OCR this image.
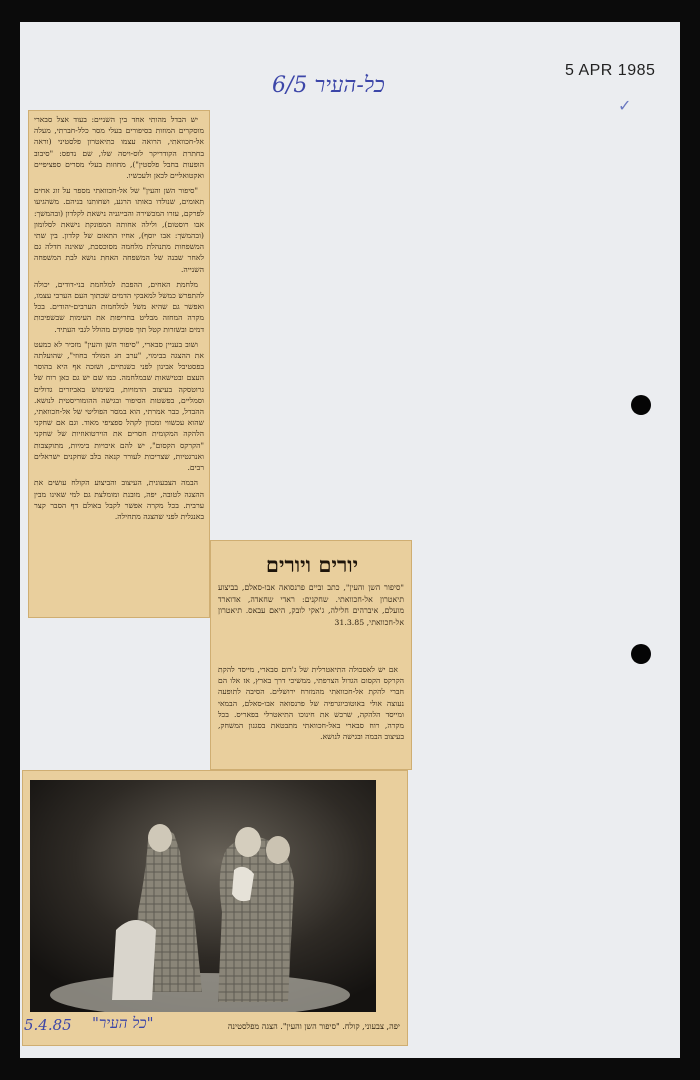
5 APR 1985
כל-העיר 6/5
✓

יש הבדל מהותי אחד בין השניים: בעוד אצל סבארי מוסקרים המוזות בסיפורים בעלי מסר כלל-חברתי, מעלה אל-חכוואתי, הרואה עצמו כתיאטרון פלסטיני (וראה בחתרת הקודריקר לוס-ויסה שלו, שם נדפס: "סיבוב הופעות בחבל פלסטין"), מחוזות בעלי מסרים ספציפיים ואקטואליים לכאן ולעכשיו.

"סיפור השן והעין" של אל-חכוואתי מספר על זוג אחים תאומים, שנולדו באותו הרגע, ושחותנו בניהם. משהגיעו לפרקם, עזרו המכשירה והבייגניה נישאת לקלדון (ובהמשך: אבו רוסטום), ולילה אחותה המפונקת נישאת לסלומון (ובהמשך: אבו יוסף), אחיו התאום של קלדון. בין שתי המשפחות מתנהלת מלחמה מסוכסכת, שאינה חדלה גם לאחר שבנה של המשפחה האחת נושא לבת המשפחה השנייה.

מלחמת האחים, ההפכת למלחמת בני-דודים, יכולה להתפרש כמשל למאבקי הדמים שבתוך העם הערבי עצמו, ואפשר גם שהיא משל למלחמות הערבים-יהודים. בכל מקרה המחזה מבליט בחריפות את העימות שבשפיכות דמים ובשזרות קטל תוך פסוקים מהולל לגבי העתיד.

ושוב בעניין סבארי, "סיפור השן והעין" מזכיר לא כמעט את ההצגה בבימוי, "ערב חג המולד בחוזי", שהועלתה בפסטיבל אבינון לפני כשנתיים, ושזכה אף היא בהוסר העצם ובטישאות שבמלחמה. כמו שם יש גם כאן רוח של גרוטסקה בעיצוב הדמויות, בשימוש באביזרים גדולים וסמליים, בפשטות הסיפור ובגישה ההומוריסטית לנושא. ההבדל, כבר אמרתי, הוא במסר הפוליטי של אל-חכוואתי, שהוא עכשווי ומכוון לקהל ספציפי מאוד. וגם אם שחקני הלהקה המקומית חסרים את הוירטואוזיות של שחקני "הקרקס הקסום", יש להם איכויות בימיות, מתוקצבות ואנרגטיות, שצריכות לעורר קנאה בלב שחקנים ישראלים רבים.

הבמה הצבעונית, העיצוב והביצוע הקולח עושים את ההצגה לטובה, יפה, מובנת ומומלצת גם למי שאינו מבין ערבית. בכל מקרה אפשר לקבל באולם דף הסבר קצר באנגלית לפני שהצגה מתחילה.

יורים ויורים
"סיפור השן והעין", כתב וביים פרנסואה אבו-סאלם, בביצוע תיאטרון אל-חכוואתי. שחקנים: ראדי שחאדה, אדוארד מועלם, איברהים חלילה, ג'אקי לובק, היאם עבאס. תיאטרון אל-חכוואתי, 31.3.85

אם יש לאסכולה התיאטרלית של ג'רום סבארי, מייסד להקת הקרקס הקסום הגדול הצרפתי, ממשיכי דרך בארץ, אז אלו הם חברי להקת אל-חכוואתי מהמזרח ירושלים. הסיבה לתופעה נעוצה אולי באוטוביוגרפיה של פרנסואה אבו-סאלם, הבמאי ומייסד הלהקה, שרכש את חינוכו התיאטרלי בפאריס. בכל מקרה, רוח סבארי באל-חכוואתי מתבטאת בסגנון המשחק, בעיצוב הבמה ובגישה לנושא.

יפה, צבעוני, קולח. "סיפור השן והעין". הצגה מפלסטינה
5.4.85 "כל העיר"
